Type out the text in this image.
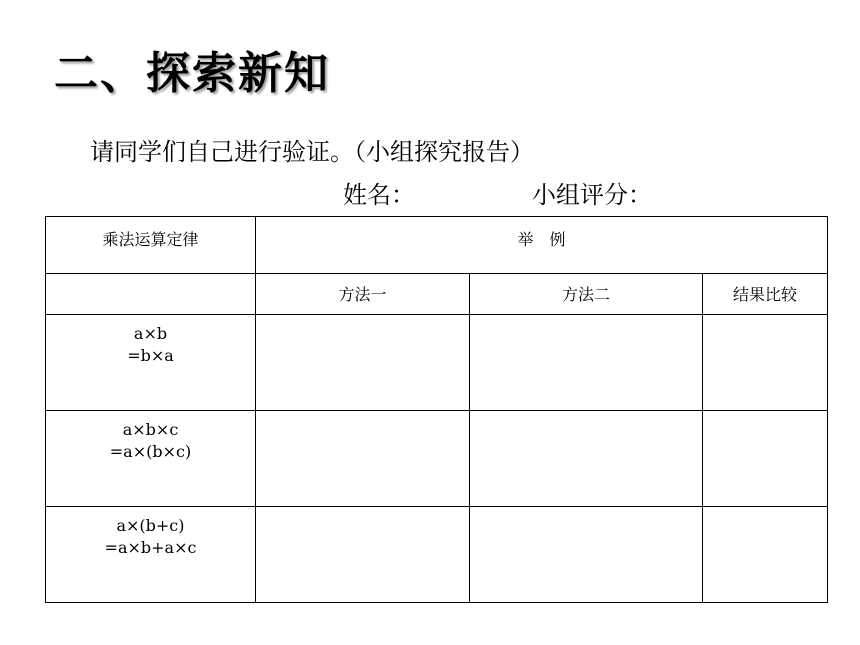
二、探索新知
请同学们自己进行验证。（小组探究报告）
姓名：	小组评分：
乘法运算定律	举　例		

	方法一	方法二	结果比较

a×b
=b×a			

a×b×c
=a×(b×c)			

a×(b+c)
=a×b+a×c			
